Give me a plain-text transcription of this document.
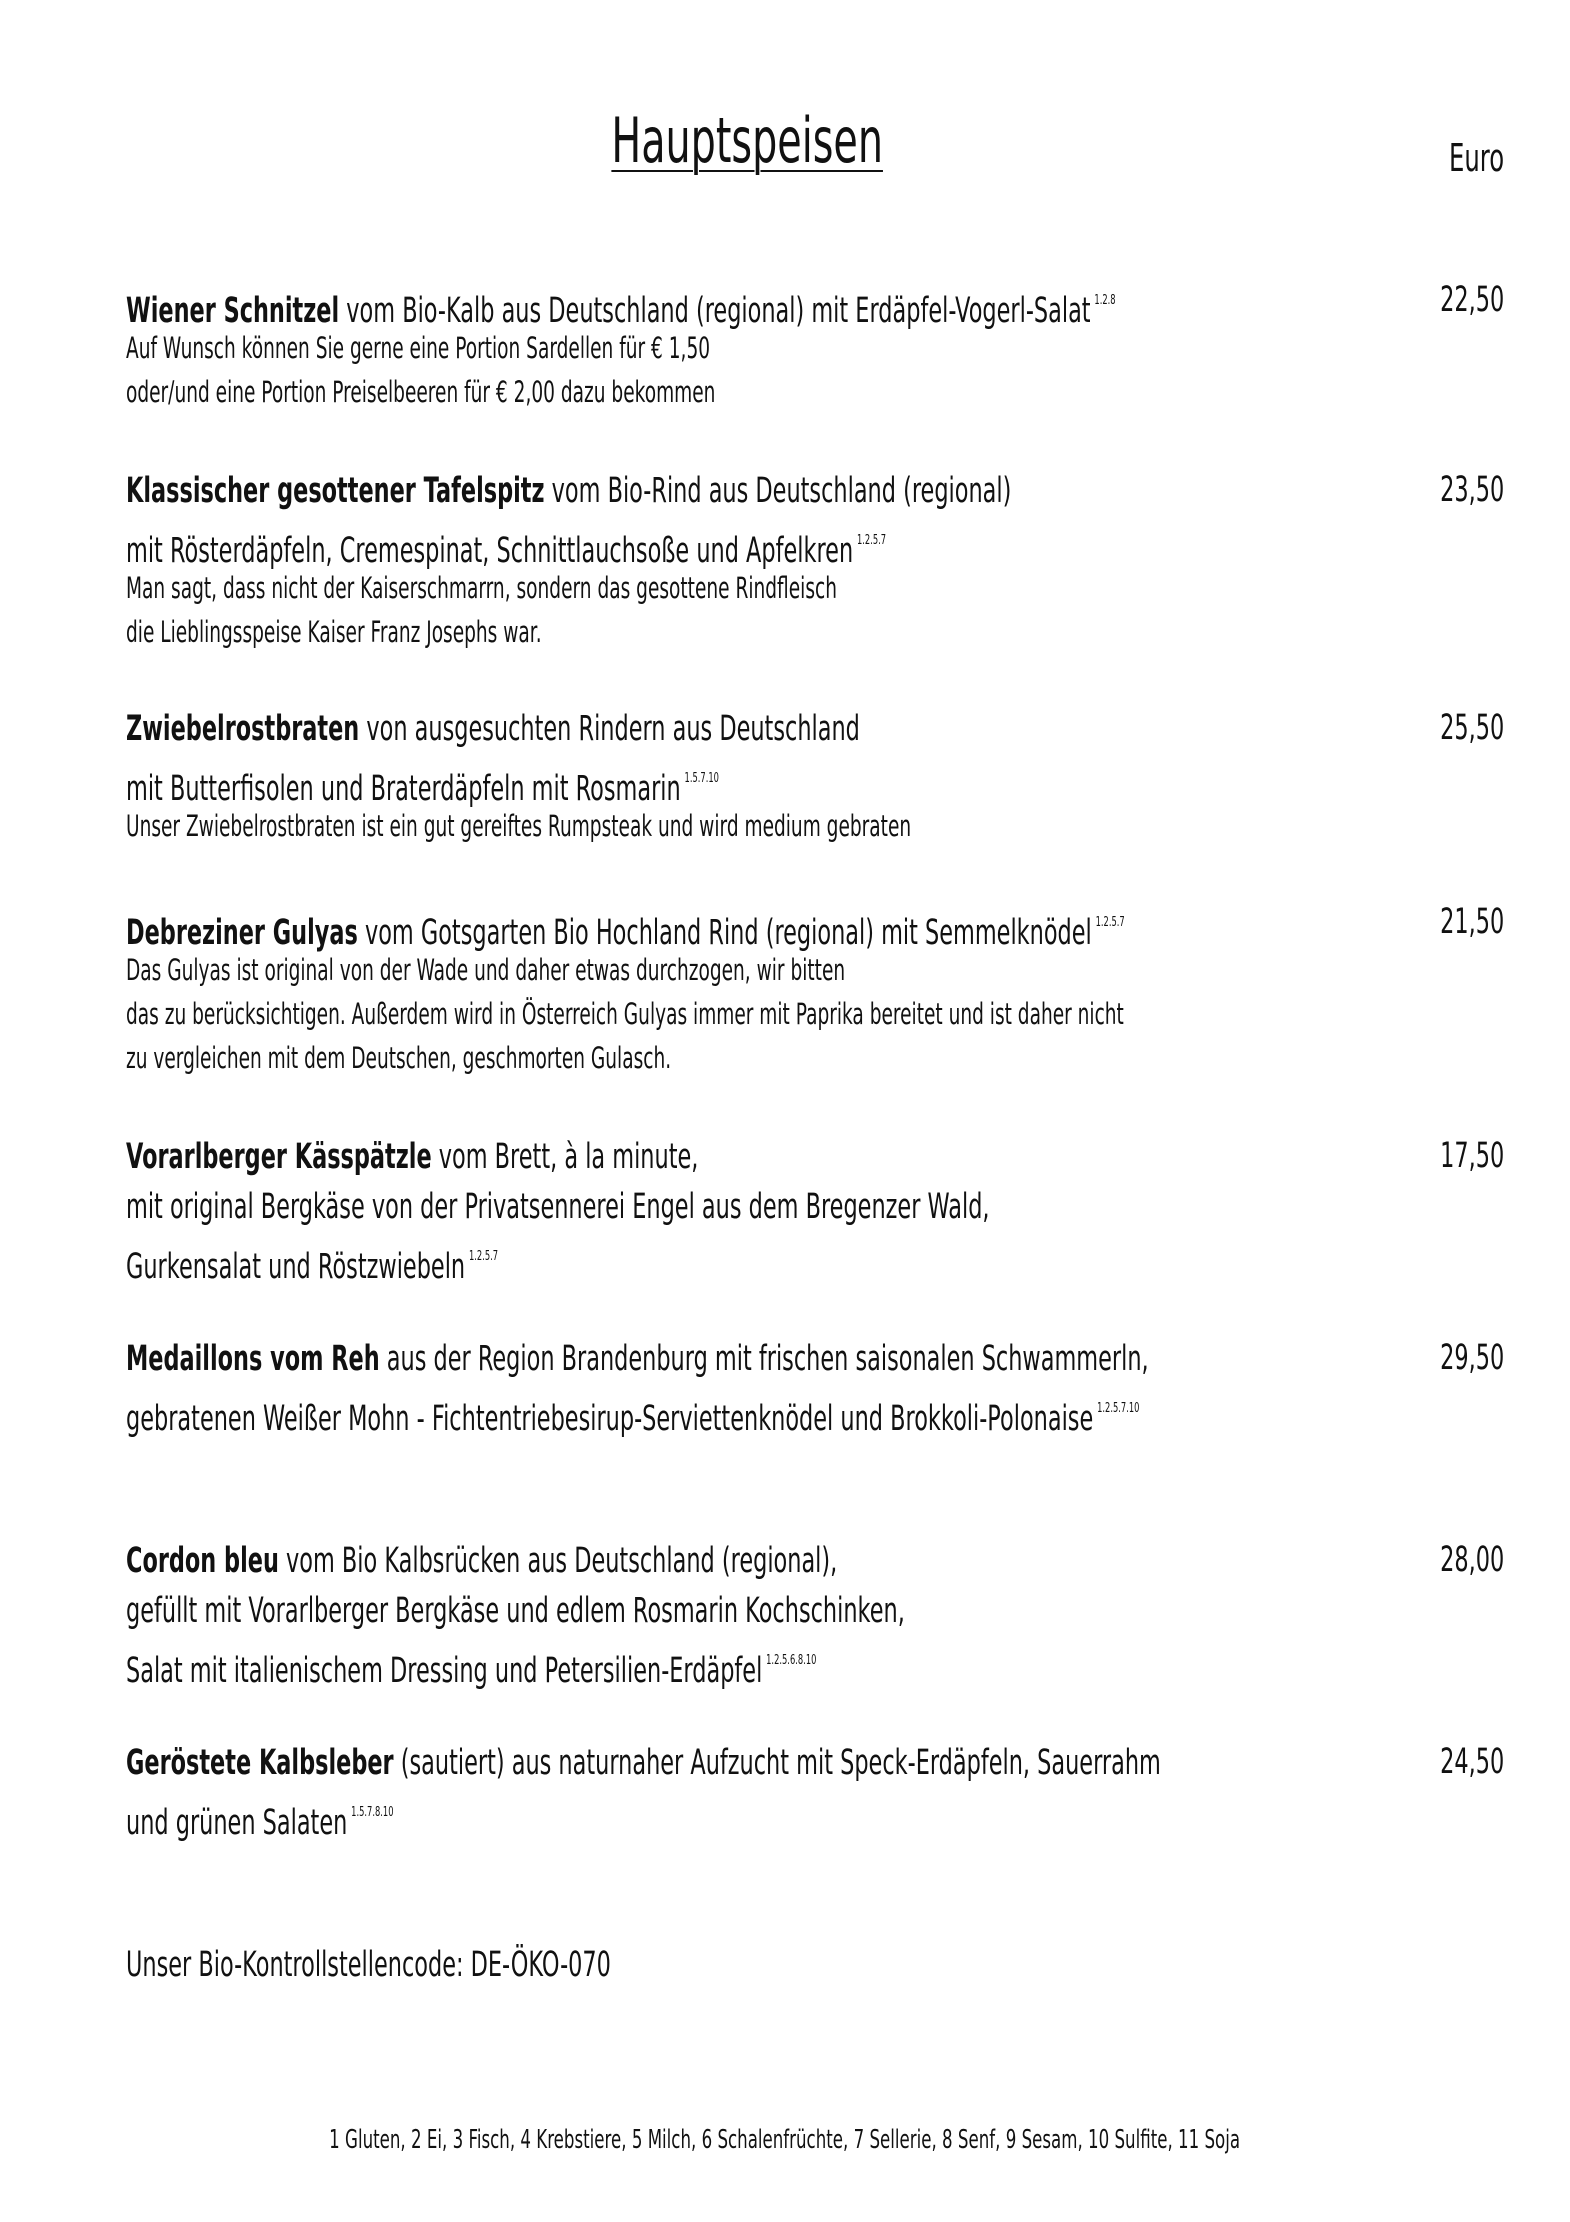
Hauptspeisen	Euro
Wiener Schnitzel vom Bio-Kalb aus Deutschland (regional) mit Erdäpfel-Vogerl-Salat $^{1.2.8}$
Auf Wunsch können Sie gerne eine Portion Sardellen für € 1,50
oder/und eine Portion Preiselbeeren für € 2,00 dazu bekommen
22,50
Klassischer gesottener Tafelspitz vom Bio-Rind aus Deutschland (regional)
mit Rösterdäpfeln, Cremespinat, Schnittlauchsoße und Apfelkren $^{1.2.5.7}$
Man sagt, dass nicht der Kaiserschmarrn, sondern das gesottene Rindfleisch
die Lieblingsspeise Kaiser Franz Josephs war.
23,50
Zwiebelrostbraten von ausgesuchten Rindern aus Deutschland
mit Butterfisolen und Braterdäpfeln mit Rosmarin $^{1.5.7.10}$
Unser Zwiebelrostbraten ist ein gut gereiftes Rumpsteak und wird medium gebraten
25,50
Debreziner Gulyas vom Gotsgarten Bio Hochland Rind (regional) mit Semmelknödel $^{1.2.5.7}$
Das Gulyas ist original von der Wade und daher etwas durchzogen, wir bitten
das zu berücksichtigen. Außerdem wird in Österreich Gulyas immer mit Paprika bereitet und ist daher nicht
zu vergleichen mit dem Deutschen, geschmorten Gulasch.
21,50
Vorarlberger Kässpätzle vom Brett, à la minute,
mit original Bergkäse von der Privatsennerei Engel aus dem Bregenzer Wald,
Gurkensalat und Röstzwiebeln $^{1.2.5.7}$
17,50
Medaillons vom Reh aus der Region Brandenburg mit frischen saisonalen Schwammerln,
gebratenen Weißer Mohn - Fichtentriebesirup-Serviettenknödel und Brokkoli-Polonaise $^{1.2.5.7.10}$
29,50
Cordon bleu vom Bio Kalbsrücken aus Deutschland (regional),
gefüllt mit Vorarlberger Bergkäse und edlem Rosmarin Kochschinken,
Salat mit italienischem Dressing und Petersilien-Erdäpfel $^{1.2.5.6.8.10}$
28,00
Geröstete Kalbsleber (sautiert) aus naturnaher Aufzucht mit Speck-Erdäpfeln, Sauerrahm
und grünen Salaten $^{1.5.7.8.10}$
24,50
Unser Bio-Kontrollstellencode: DE-ÖKO-070
1 Gluten, 2 Ei, 3 Fisch, 4 Krebstiere, 5 Milch, 6 Schalenfrüchte, 7 Sellerie, 8 Senf, 9 Sesam, 10 Sulfite, 11 Soja
